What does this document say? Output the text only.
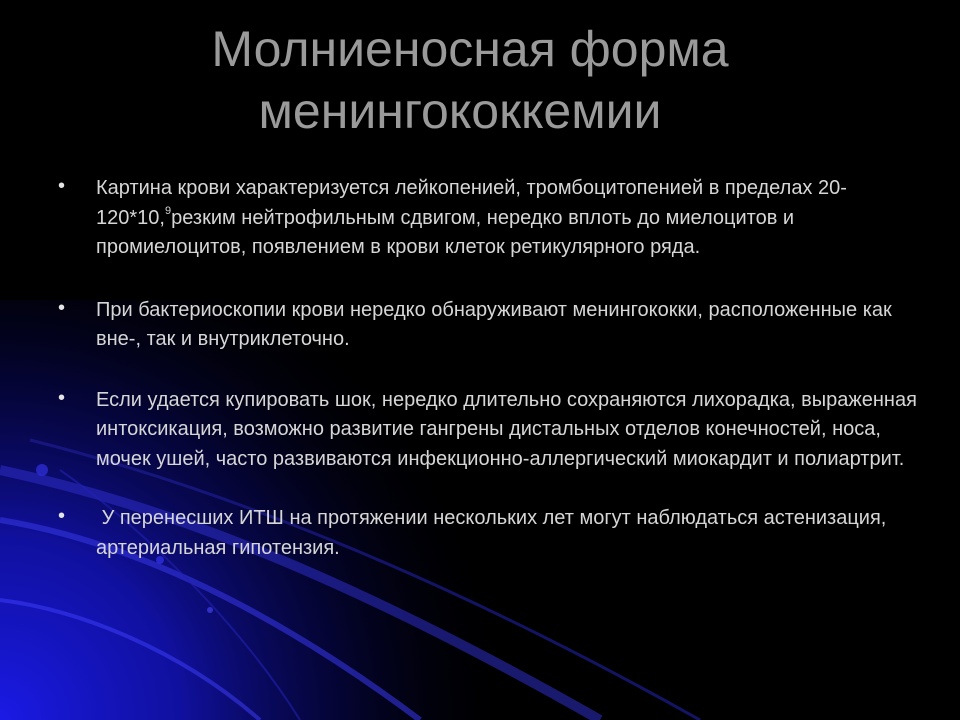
Молниеносная форма
менингококкемии
• Картина крови характеризуется лейкопенией, тромбоцитопенией в пределах 20-120*10,$^9$резким нейтрофильным сдвигом, нередко вплоть до миелоцитов и промиелоцитов, появлением в крови клеток ретикулярного ряда.
• При бактериоскопии крови нередко обнаруживают менингококки, расположенные как вне-, так и внутриклеточно.
• Если удается купировать шок, нередко длительно сохраняются лихорадка, выраженная интоксикация, возможно развитие гангрены дистальных отделов конечностей, носа, мочек ушей, часто развиваются инфекционно-аллергический миокардит и полиартрит.
• У перенесших ИТШ на протяжении нескольких лет могут наблюдаться астенизация, артериальная гипотензия.
